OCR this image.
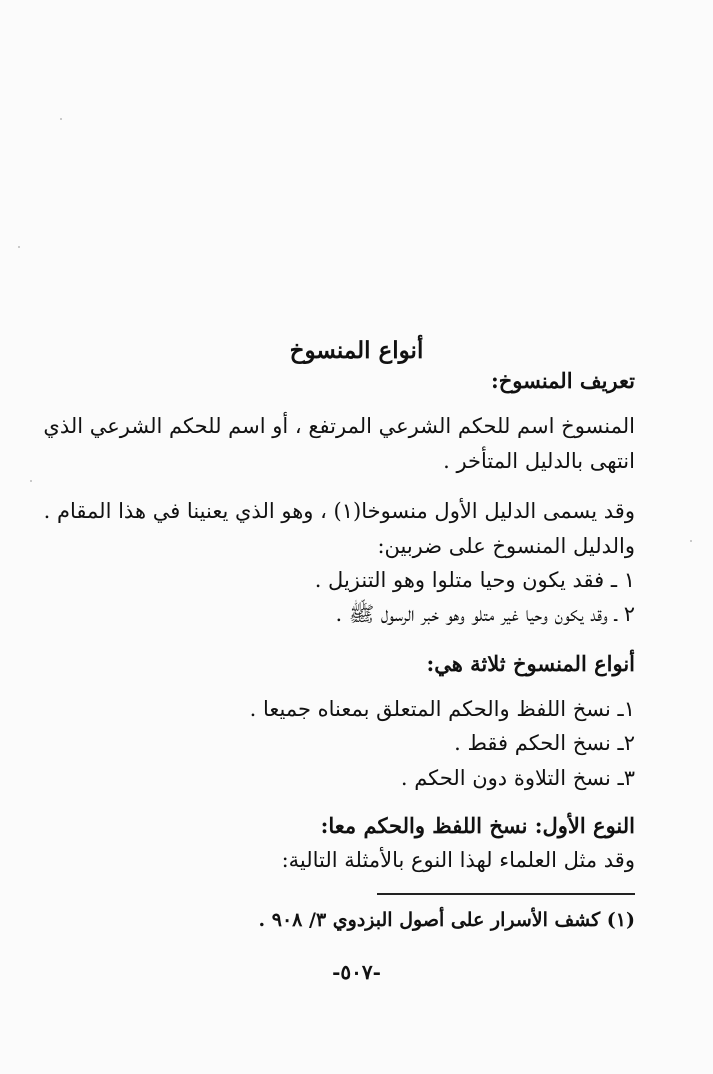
أنواع المنسوخ
تعريف المنسوخ:
المنسوخ اسم للحكم الشرعي المرتفع ، أو اسم للحكم الشرعي الذي
انتهى بالدليل المتأخر .
وقد يسمى الدليل الأول منسوخا(١) ، وهو الذي يعنينا في هذا المقام .
والدليل المنسوخ على ضربين:
١ ـ فقد يكون وحيا متلوا وهو التنزيل .
٢ ـ وقد يكون وحيا غير متلو وهو خبر الرسول ﷺ .
أنواع المنسوخ ثلاثة هي:
١ـ نسخ اللفظ والحكم المتعلق بمعناه جميعا .
٢ـ نسخ الحكم فقط .
٣ـ نسخ التلاوة دون الحكم .
النوع الأول: نسخ اللفظ والحكم معا:
وقد مثل العلماء لهذا النوع بالأمثلة التالية:
(١) كشف الأسرار على أصول البزدوي ٣/ ٩٠٨ .
-٥٠٧-
